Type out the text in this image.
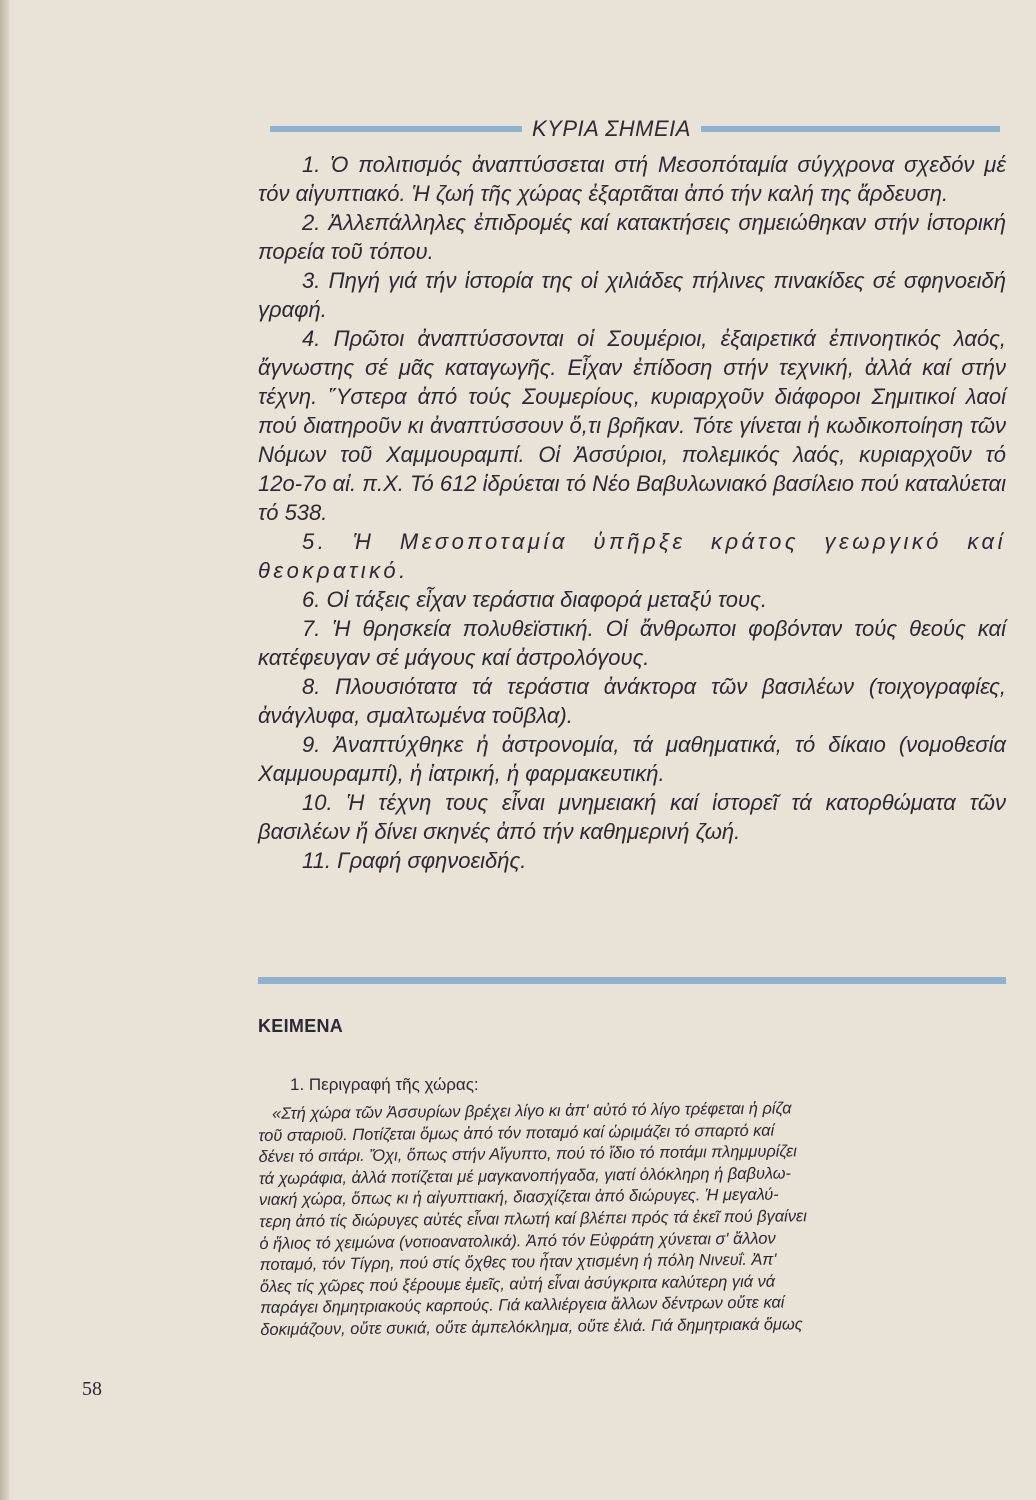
ΚΥΡΙΑ ΣΗΜΕΙΑ

1. Ὁ πολιτισμός ἀναπτύσσεται στή Μεσοπόταμία σύγχρονα σχεδόν μέ τόν αἰγυπτιακό. Ἡ ζωή τῆς χώρας ἐξαρτᾶται ἀπό τήν καλή της ἄρδευση.

2. Ἀλλεπάλληλες ἐπιδρομές καί κατακτήσεις σημειώθηκαν στήν ἱστορική πορεία τοῦ τόπου.

3. Πηγή γιά τήν ἱστορία της οἱ χιλιάδες πήλινες πινακίδες σέ σφηνοειδή γραφή.

4. Πρῶτοι ἀναπτύσσονται οἱ Σουμέριοι, ἐξαιρετικά ἐπινοητικός λαός, ἄγνωστης σέ μᾶς καταγωγῆς. Εἶχαν ἐπίδοση στήν τεχνική, ἀλλά καί στήν τέχνη. Ὕστερα ἀπό τούς Σουμερίους, κυριαρχοῦν διάφοροι Σημιτικοί λαοί πού διατηροῦν κι ἀναπτύσσουν ὅ,τι βρῆκαν. Τότε γίνεται ἡ κωδικοποίηση τῶν Νόμων τοῦ Χαμμουραμπί. Οἱ Ἀσσύριοι, πολεμικός λαός, κυριαρχοῦν τό 12ο-7ο αἰ. π.Χ. Τό 612 ἱδρύεται τό Νέο Βαβυλωνιακό βασίλειο πού καταλύεται τό 538.

5. Ἡ Μεσοποταμία ὑπῆρξε κράτος γεωργικό καί θεοκρατικό.

6. Οἱ τάξεις εἶχαν τεράστια διαφορά μεταξύ τους.

7. Ἡ θρησκεία πολυθεϊστική. Οἱ ἄνθρωποι φοβόνταν τούς θεούς καί κατέφευγαν σέ μάγους καί ἀστρολόγους.

8. Πλουσιότατα τά τεράστια ἀνάκτορα τῶν βασιλέων (τοιχογραφίες, ἀνάγλυφα, σμαλτωμένα τοῦβλα).

9. Ἀναπτύχθηκε ἡ ἀστρονομία, τά μαθηματικά, τό δίκαιο (νομοθεσία Χαμμουραμπί), ἡ ἰατρική, ἡ φαρμακευτική.

10. Ἡ τέχνη τους εἶναι μνημειακή καί ἱστορεῖ τά κατορθώματα τῶν βασιλέων ἤ δίνει σκηνές ἀπό τήν καθημερινή ζωή.

11. Γραφή σφηνοειδής.

ΚΕΙΜΕΝΑ
1. Περιγραφή τῆς χώρας:
«Στή χώρα τῶν Ἀσσυρίων βρέχει λίγο κι ἀπ' αὐτό τό λίγο τρέφεται ἡ ρίζα
τοῦ σταριοῦ. Ποτίζεται ὅμως ἀπό τόν ποταμό καί ὡριμάζει τό σπαρτό καί
δένει τό σιτάρι. Ὄχι, ὅπως στήν Αἴγυπτο, πού τό ἴδιο τό ποτάμι πλημμυρίζει
τά χωράφια, ἀλλά ποτίζεται μέ μαγκανοπήγαδα, γιατί ὁλόκληρη ἡ βαβυλω-
νιακή χώρα, ὅπως κι ἡ αἰγυπτιακή, διασχίζεται ἀπό διώρυγες. Ἡ μεγαλύ-
τερη ἀπό τίς διώρυγες αὐτές εἶναι πλωτή καί βλέπει πρός τά ἐκεῖ πού βγαίνει
ὁ ἥλιος τό χειμώνα (νοτιοανατολικά). Ἀπό τόν Εὐφράτη χύνεται σ' ἄλλον
ποταμό, τόν Τίγρη, πού στίς ὄχθες του ἦταν χτισμένη ἡ πόλη Νινευΐ. Ἀπ'
ὅλες τίς χῶρες πού ξέρουμε ἐμεῖς, αὐτή εἶναι ἀσύγκριτα καλύτερη γιά νά
παράγει δημητριακούς καρπούς. Γιά καλλιέργεια ἄλλων δέντρων οὔτε καί
δοκιμάζουν, οὔτε συκιά, οὔτε ἀμπελόκλημα, οὔτε ἐλιά. Γιά δημητριακά ὅμως
58
